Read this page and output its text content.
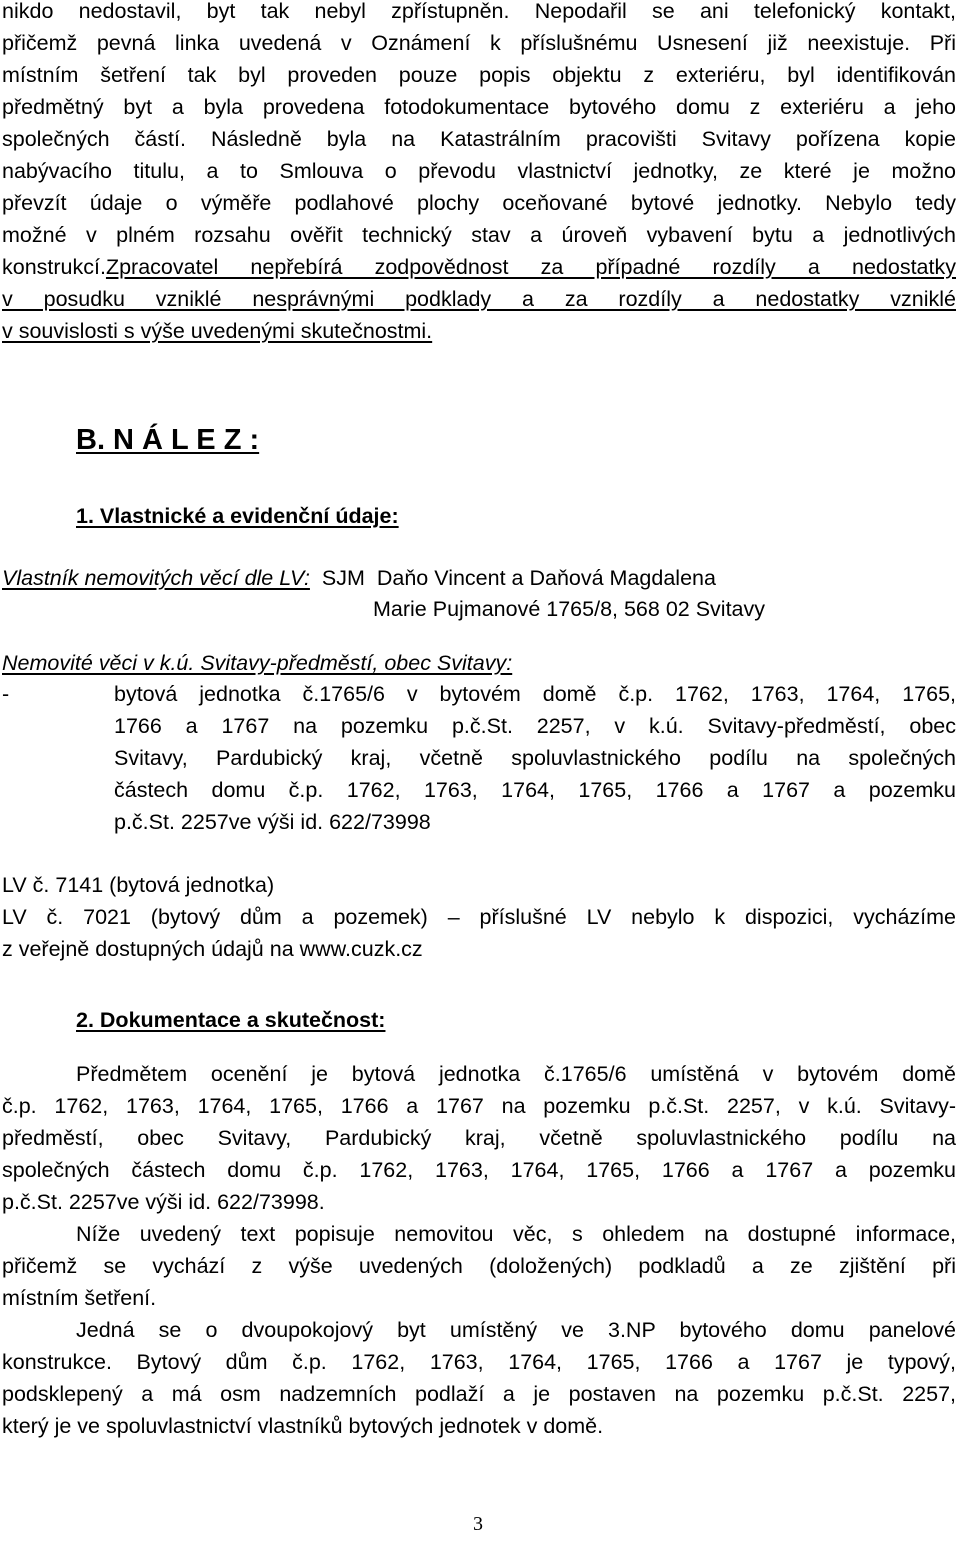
nikdo nedostavil, byt tak nebyl zpřístupněn. Nepodařil se ani telefonický kontakt,
přičemž pevná linka uvedená v Oznámení k příslušnému Usnesení již neexistuje. Při
místním šetření tak byl proveden pouze popis objektu z exteriéru, byl identifikován
předmětný byt a byla provedena fotodokumentace bytového domu z exteriéru a jeho
společných částí. Následně byla na Katastrálním pracovišti Svitavy pořízena kopie
nabývacího titulu, a to Smlouva o převodu vlastnictví jednotky, ze které je možno
převzít údaje o výměře podlahové plochy oceňované bytové jednotky. Nebylo tedy
možné v plném rozsahu ověřit technický stav a úroveň vybavení bytu a jednotlivých
konstrukcí. Zpracovatel nepřebírá zodpovědnost za případné rozdíly a nedostatky
v posudku vzniklé nesprávnými podklady a za rozdíly a nedostatky vzniklé
v souvislosti s výše uvedenými skutečnostmi.
B. N Á L E Z :
1. Vlastnické a evidenční údaje:
Vlastník nemovitých věcí dle LV: SJM  Daňo Vincent a Daňová Magdalena
Marie Pujmanové 1765/8, 568 02 Svitavy
Nemovité věci v k.ú. Svitavy-předměstí, obec Svitavy:
-	bytová jednotka č.1765/6 v bytovém domě č.p. 1762, 1763, 1764, 1765,
1766 a 1767 na pozemku p.č.St. 2257, v k.ú. Svitavy-předměstí, obec
Svitavy, Pardubický kraj, včetně spoluvlastnického podílu na společných
částech domu č.p. 1762, 1763, 1764, 1765, 1766 a 1767 a pozemku
p.č.St. 2257ve výši id. 622/73998
LV č. 7141 (bytová jednotka)
LV č. 7021 (bytový dům a pozemek) – příslušné LV nebylo k dispozici, vycházíme
z veřejně dostupných údajů na www.cuzk.cz
2. Dokumentace a skutečnost:
Předmětem ocenění je bytová jednotka č.1765/6 umístěná v bytovém domě
č.p. 1762, 1763, 1764, 1765, 1766 a 1767 na pozemku p.č.St. 2257, v k.ú. Svitavy-
předměstí, obec Svitavy, Pardubický kraj, včetně spoluvlastnického podílu na
společných částech domu č.p. 1762, 1763, 1764, 1765, 1766 a 1767 a pozemku
p.č.St. 2257ve výši id. 622/73998.
Níže uvedený text popisuje nemovitou věc, s ohledem na dostupné informace,
přičemž se vychází z výše uvedených (doložených) podkladů a ze zjištění při
místním šetření.
Jedná se o dvoupokojový byt umístěný ve 3.NP bytového domu panelové
konstrukce. Bytový dům č.p. 1762, 1763, 1764, 1765, 1766 a 1767 je typový,
podsklepený a má osm nadzemních podlaží a je postaven na pozemku p.č.St. 2257,
který je ve spoluvlastnictví vlastníků bytových jednotek v domě.
3
